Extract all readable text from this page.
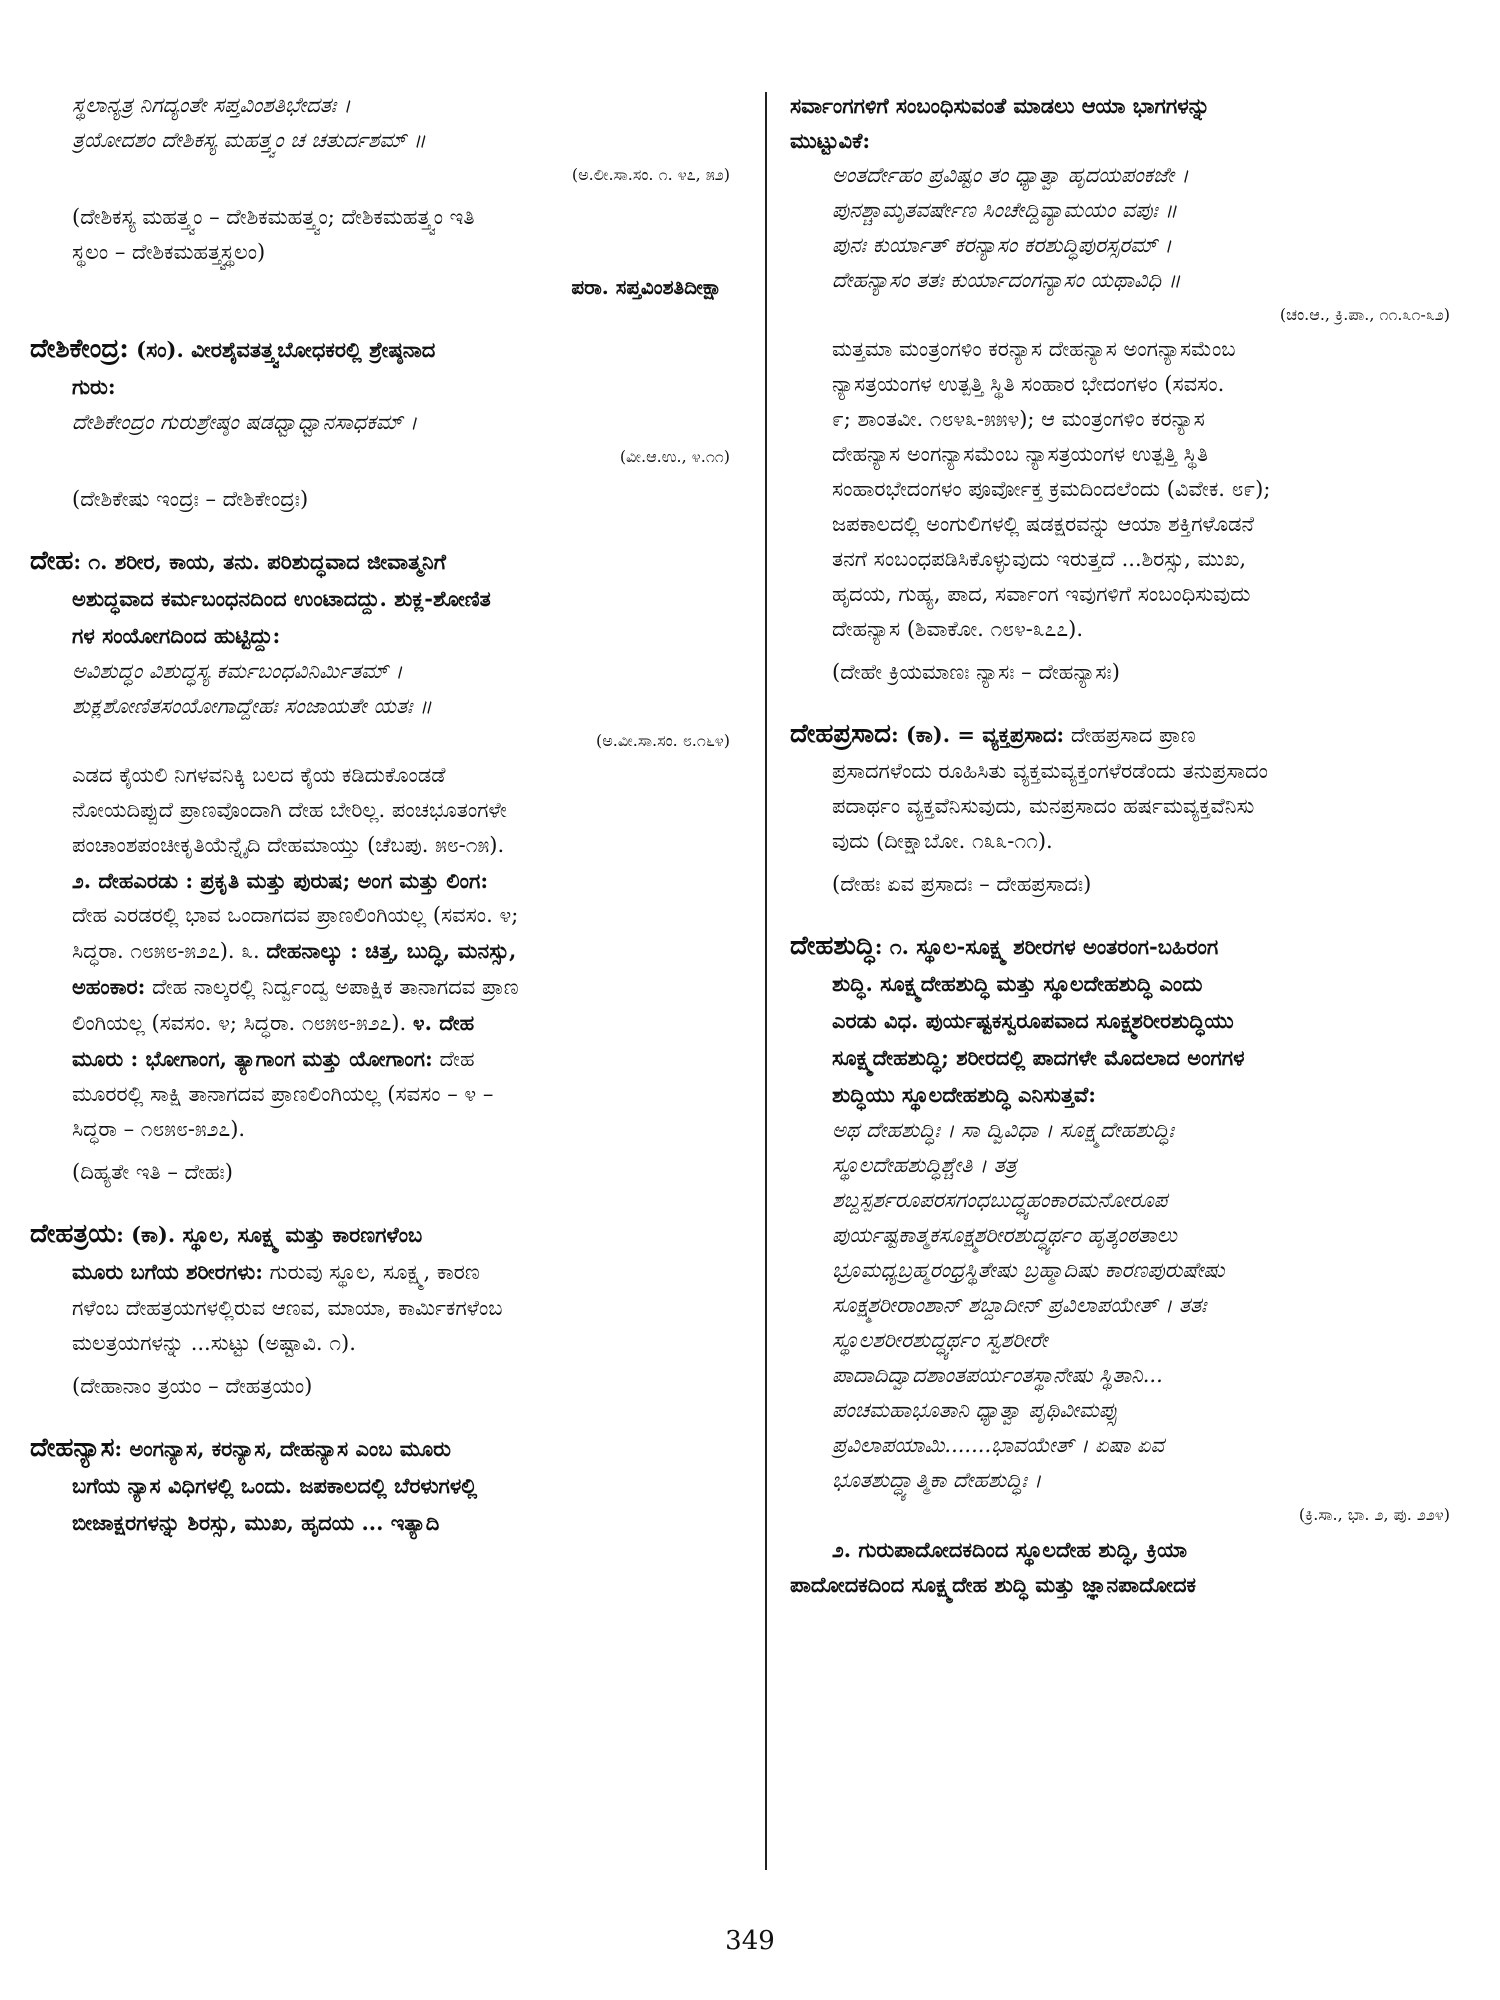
ಸ್ಥಲಾನ್ಯತ್ರ ನಿಗದ್ಯಂತೇ ಸಪ್ತವಿಂಶತಿಭೇದತಃ ।
ತ್ರಯೋದಶಂ ದೇಶಿಕಸ್ಯ ಮಹತ್ತ್ವಂ ಚ ಚತುರ್ದಶಮ್ ॥
(ಅ.ಲೀ.ಸಾ.ಸಂ. ೧. ೪೭, ೫೨)
(ದೇಶಿಕಸ್ಯ ಮಹತ್ತ್ವಂ – ದೇಶಿಕಮಹತ್ತ್ವಂ; ದೇಶಿಕಮಹತ್ತ್ವಂ ಇತಿ
ಸ್ಥಲಂ – ದೇಶಿಕಮಹತ್ತ್ವಸ್ಥಲಂ)
ಪರಾ. ಸಪ್ತವಿಂಶತಿದೀಕ್ಷಾ
ದೇಶಿಕೇಂದ್ರ: (ಸಂ). ವೀರಶೈವತತ್ತ್ವಬೋಧಕರಲ್ಲಿ ಶ್ರೇಷ್ಠನಾದ
ಗುರು:
ದೇಶಿಕೇಂದ್ರಂ ಗುರುಶ್ರೇಷ್ಠಂ ಷಡಧ್ವಾಧ್ವಾನಸಾಧಕಮ್ ।
(ವೀ.ಆ.ಉ., ೪.೧೧)
(ದೇಶಿಕೇಷು ಇಂದ್ರಃ – ದೇಶಿಕೇಂದ್ರಃ)
ದೇಹ: ೧. ಶರೀರ, ಕಾಯ, ತನು. ಪರಿಶುದ್ಧವಾದ ಜೀವಾತ್ಮನಿಗೆ
ಅಶುದ್ಧವಾದ ಕರ್ಮಬಂಧನದಿಂದ ಉಂಟಾದದ್ದು. ಶುಕ್ಲ-ಶೋಣಿತ
ಗಳ ಸಂಯೋಗದಿಂದ ಹುಟ್ಟಿದ್ದು:
ಅವಿಶುದ್ಧಂ ವಿಶುದ್ಧಸ್ಯ ಕರ್ಮಬಂಧವಿನಿರ್ಮಿತಮ್ ।
ಶುಕ್ಲಶೋಣಿತಸಂಯೋಗಾದ್ದೇಹಃ ಸಂಜಾಯತೇ ಯತಃ ॥
(ಅ.ವೀ.ಸಾ.ಸಂ. ೮.೧೬೪)
ಎಡದ ಕೈಯಲಿ ನಿಗಳವನಿಕ್ಕಿ ಬಲದ ಕೈಯ ಕಡಿದುಕೊಂಡಡೆ
ನೋಯದಿಪ್ಪುದೆ ಪ್ರಾಣವೊಂದಾಗಿ ದೇಹ ಬೇರಿಲ್ಲ. ಪಂಚಭೂತಂಗಳೇ
ಪಂಚಾಂಶಪಂಚೀಕೃತಿಯೆನ್ನೈದಿ ದೇಹಮಾಯ್ತು (ಚೆಬಪು. ೫೮-೧೫).
೨. ದೇಹಎರಡು : ಪ್ರಕೃತಿ ಮತ್ತು ಪುರುಷ; ಅಂಗ ಮತ್ತು ಲಿಂಗ:
ದೇಹ ಎರಡರಲ್ಲಿ ಭಾವ ಒಂದಾಗದವ ಪ್ರಾಣಲಿಂಗಿಯಲ್ಲ (ಸವಸಂ. ೪;
ಸಿದ್ಧರಾ. ೧೮೫೮-೫೨೭). ೩. ದೇಹನಾಲ್ಕು : ಚಿತ್ತ, ಬುದ್ಧಿ, ಮನಸ್ಸು,
ಅಹಂಕಾರ: ದೇಹ ನಾಲ್ಕರಲ್ಲಿ ನಿರ್ದ್ವಂದ್ವ ಅಪಾಕ್ಷಿಕ ತಾನಾಗದವ ಪ್ರಾಣ
ಲಿಂಗಿಯಲ್ಲ (ಸವಸಂ. ೪; ಸಿದ್ಧರಾ. ೧೮೫೮-೫೨೭). ೪. ದೇಹ
ಮೂರು : ಭೋಗಾಂಗ, ತ್ಯಾಗಾಂಗ ಮತ್ತು ಯೋಗಾಂಗ: ದೇಹ
ಮೂರರಲ್ಲಿ ಸಾಕ್ಷಿ ತಾನಾಗದವ ಪ್ರಾಣಲಿಂಗಿಯಲ್ಲ (ಸವಸಂ – ೪ –
ಸಿದ್ಧರಾ – ೧೮೫೮-೫೨೭).
(ದಿಹ್ಯತೇ ಇತಿ – ದೇಹಃ)
ದೇಹತ್ರಯ: (ಕಾ). ಸ್ಥೂಲ, ಸೂಕ್ಷ್ಮ ಮತ್ತು ಕಾರಣಗಳೆಂಬ
ಮೂರು ಬಗೆಯ ಶರೀರಗಳು: ಗುರುವು ಸ್ಥೂಲ, ಸೂಕ್ಷ್ಮ, ಕಾರಣ
ಗಳೆಂಬ ದೇಹತ್ರಯಗಳಲ್ಲಿರುವ ಆಣವ, ಮಾಯಾ, ಕಾರ್ಮಿಕಗಳೆಂಬ
ಮಲತ್ರಯಗಳನ್ನು ...ಸುಟ್ಟು (ಅಷ್ಟಾವಿ. ೧).
(ದೇಹಾನಾಂ ತ್ರಯಂ – ದೇಹತ್ರಯಂ)
ದೇಹನ್ಯಾಸ: ಅಂಗನ್ಯಾಸ, ಕರನ್ಯಾಸ, ದೇಹನ್ಯಾಸ ಎಂಬ ಮೂರು
ಬಗೆಯ ನ್ಯಾಸ ವಿಧಿಗಳಲ್ಲಿ ಒಂದು. ಜಪಕಾಲದಲ್ಲಿ ಬೆರಳುಗಳಲ್ಲಿ
ಬೀಜಾಕ್ಷರಗಳನ್ನು ಶಿರಸ್ಸು, ಮುಖ, ಹೃದಯ ... ಇತ್ಯಾದಿ
ಸರ್ವಾಂಗಗಳಿಗೆ ಸಂಬಂಧಿಸುವಂತೆ ಮಾಡಲು ಆಯಾ ಭಾಗಗಳನ್ನು
ಮುಟ್ಟುವಿಕೆ:
ಅಂತರ್ದೇಹಂ ಪ್ರವಿಷ್ಟಂ ತಂ ಧ್ಯಾತ್ವಾ ಹೃದಯಪಂಕಜೇ ।
ಪುನಶ್ಚಾಮೃತವರ್ಷೇಣ ಸಿಂಚೇದ್ದಿವ್ಯಾಮಯಂ ವಪುಃ ॥
ಪುನಃ ಕುರ್ಯಾತ್ ಕರನ್ಯಾಸಂ ಕರಶುದ್ಧಿಪುರಸ್ಸರಮ್ ।
ದೇಹನ್ಯಾಸಂ ತತಃ ಕುರ್ಯಾದಂಗನ್ಯಾಸಂ ಯಥಾವಿಧಿ ॥
(ಚಂ.ಆ., ಕ್ರಿ.ಪಾ., ೧೧.೩೧-೩೨)
ಮತ್ತಮಾ ಮಂತ್ರಂಗಳಿಂ ಕರನ್ಯಾಸ ದೇಹನ್ಯಾಸ ಅಂಗನ್ಯಾಸಮೆಂಬ
ನ್ಯಾಸತ್ರಯಂಗಳ ಉತ್ಪತ್ತಿ ಸ್ಥಿತಿ ಸಂಹಾರ ಭೇದಂಗಳಂ (ಸವಸಂ.
೯; ಶಾಂತವೀ. ೧೮೪೩-೫೫೪); ಆ ಮಂತ್ರಂಗಳಿಂ ಕರನ್ಯಾಸ
ದೇಹನ್ಯಾಸ ಅಂಗನ್ಯಾಸಮೆಂಬ ನ್ಯಾಸತ್ರಯಂಗಳ ಉತ್ಪತ್ತಿ ಸ್ಥಿತಿ
ಸಂಹಾರಭೇದಂಗಳಂ ಪೂರ್ವೋಕ್ತ ಕ್ರಮದಿಂದಲೆಂದು (ವಿವೇಕ. ೮೯);
ಜಪಕಾಲದಲ್ಲಿ ಅಂಗುಲಿಗಳಲ್ಲಿ ಷಡಕ್ಷರವನ್ನು ಆಯಾ ಶಕ್ತಿಗಳೊಡನೆ
ತನಗೆ ಸಂಬಂಧಪಡಿಸಿಕೊಳ್ಳುವುದು ಇರುತ್ತದೆ ...ಶಿರಸ್ಸು, ಮುಖ,
ಹೃದಯ, ಗುಹ್ಯ, ಪಾದ, ಸರ್ವಾಂಗ ಇವುಗಳಿಗೆ ಸಂಬಂಧಿಸುವುದು
ದೇಹನ್ಯಾಸ (ಶಿವಾಕೋ. ೧೮೪-೩೭೭).
(ದೇಹೇ ಕ್ರಿಯಮಾಣಃ ನ್ಯಾಸಃ – ದೇಹನ್ಯಾಸಃ)
ದೇಹಪ್ರಸಾದ: (ಕಾ). = ವ್ಯಕ್ತಪ್ರಸಾದ: ದೇಹಪ್ರಸಾದ ಪ್ರಾಣ
ಪ್ರಸಾದಗಳೆಂದು ರೂಹಿಸಿತು ವ್ಯಕ್ತಮವ್ಯಕ್ತಂಗಳೆರಡೆಂದು ತನುಪ್ರಸಾದಂ
ಪದಾರ್ಥಂ ವ್ಯಕ್ತವೆನಿಸುವುದು, ಮನಪ್ರಸಾದಂ ಹರ್ಷಮವ್ಯಕ್ತವೆನಿಸು
ವುದು (ದೀಕ್ಷಾಬೋ. ೧೩೩-೧೧).
(ದೇಹಃ ಏವ ಪ್ರಸಾದಃ – ದೇಹಪ್ರಸಾದಃ)
ದೇಹಶುದ್ಧಿ: ೧. ಸ್ಥೂಲ-ಸೂಕ್ಷ್ಮ ಶರೀರಗಳ ಅಂತರಂಗ-ಬಹಿರಂಗ
ಶುದ್ಧಿ. ಸೂಕ್ಷ್ಮದೇಹಶುದ್ಧಿ ಮತ್ತು ಸ್ಥೂಲದೇಹಶುದ್ಧಿ ಎಂದು
ಎರಡು ವಿಧ. ಪುರ್ಯಷ್ಟಕಸ್ವರೂಪವಾದ ಸೂಕ್ಷ್ಮಶರೀರಶುದ್ಧಿಯು
ಸೂಕ್ಷ್ಮದೇಹಶುದ್ಧಿ; ಶರೀರದಲ್ಲಿ ಪಾದಗಳೇ ಮೊದಲಾದ ಅಂಗಗಳ
ಶುದ್ಧಿಯು ಸ್ಥೂಲದೇಹಶುದ್ಧಿ ಎನಿಸುತ್ತವೆ:
ಅಥ ದೇಹಶುದ್ಧಿಃ । ಸಾ ದ್ವಿವಿಧಾ । ಸೂಕ್ಷ್ಮದೇಹಶುದ್ಧಿಃ
ಸ್ಥೂಲದೇಹಶುದ್ಧಿಶ್ಚೇತಿ । ತತ್ರ
ಶಬ್ದಸ್ಪರ್ಶರೂಪರಸಗಂಧಬುದ್ಧ್ಯಹಂಕಾರಮನೋರೂಪ
ಪುರ್ಯಷ್ಟಕಾತ್ಮಕಸೂಕ್ಷ್ಮಶರೀರಶುದ್ಧ್ಯರ್ಥಂ ಹೃತ್ಕಂಠತಾಲು
ಭ್ರೂಮಧ್ಯಬ್ರಹ್ಮರಂಧ್ರಸ್ಥಿತೇಷು ಬ್ರಹ್ಮಾದಿಷು ಕಾರಣಪುರುಷೇಷು
ಸೂಕ್ಷ್ಮಶರೀರಾಂಶಾನ್ ಶಬ್ದಾದೀನ್ ಪ್ರವಿಲಾಪಯೇತ್ । ತತಃ
ಸ್ಥೂಲಶರೀರಶುದ್ಧ್ಯರ್ಥಂ ಸ್ವಶರೀರೇ
ಪಾದಾದಿದ್ವಾದಶಾಂತಪರ್ಯಂತಸ್ಥಾನೇಷು ಸ್ಥಿತಾನಿ...
ಪಂಚಮಹಾಭೂತಾನಿ ಧ್ಯಾತ್ವಾ ಪೃಥಿವೀಮಪ್ಸು
ಪ್ರವಿಲಾಪಯಾಮಿ.......ಭಾವಯೇತ್ । ಏಷಾ ಏವ
ಭೂತಶುದ್ಧ್ಯಾತ್ಮಿಕಾ ದೇಹಶುದ್ಧಿಃ ।
(ಕ್ರಿ.ಸಾ., ಭಾ. ೨, ಪು. ೨೨೪)
೨. ಗುರುಪಾದೋದಕದಿಂದ ಸ್ಥೂಲದೇಹ ಶುದ್ಧಿ, ಕ್ರಿಯಾ
ಪಾದೋದಕದಿಂದ ಸೂಕ್ಷ್ಮದೇಹ ಶುದ್ಧಿ ಮತ್ತು ಜ್ಞಾನಪಾದೋದಕ
349
